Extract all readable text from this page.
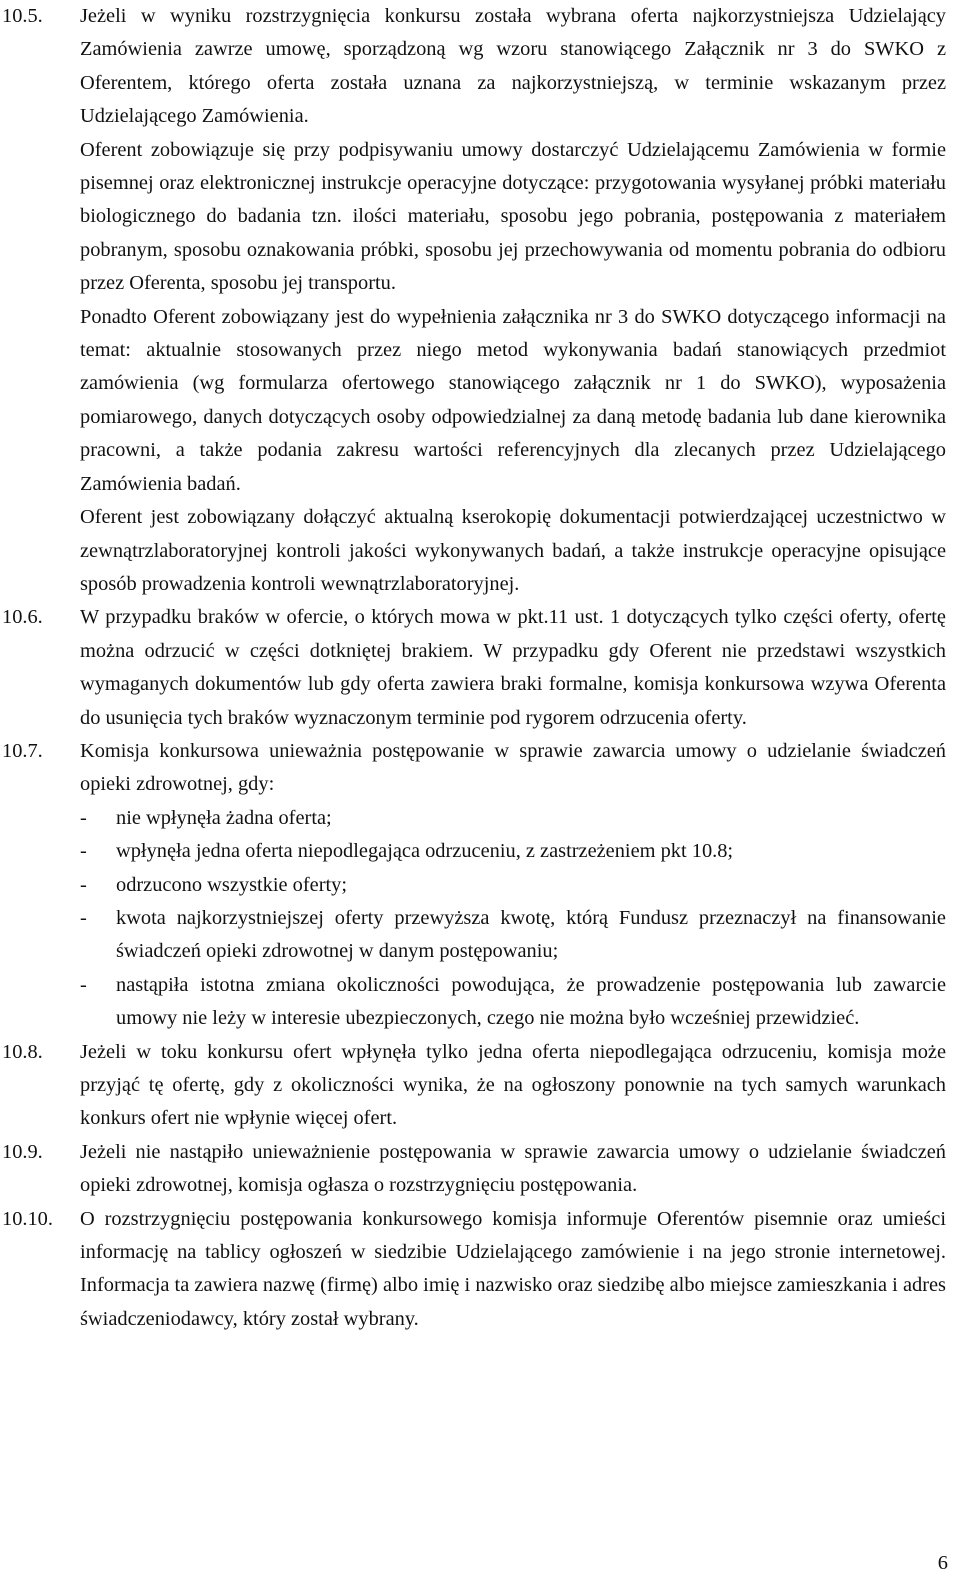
10.5.	Jeżeli w wyniku rozstrzygnięcia konkursu została wybrana oferta najkorzystniejsza Udzielający Zamówienia zawrze umowę, sporządzoną wg wzoru stanowiącego Załącznik nr 3 do SWKO z Oferentem, którego oferta została uznana za najkorzystniejszą, w terminie wskazanym przez Udzielającego Zamówienia.

Oferent zobowiązuje się przy podpisywaniu umowy dostarczyć Udzielającemu Zamówienia w formie pisemnej oraz elektronicznej instrukcje operacyjne dotyczące: przygotowania wysyłanej próbki materiału biologicznego do badania tzn. ilości materiału, sposobu jego pobrania, postępowania z materiałem pobranym, sposobu oznakowania próbki, sposobu jej przechowywania od momentu pobrania do odbioru przez Oferenta, sposobu jej transportu.

Ponadto Oferent zobowiązany jest do wypełnienia załącznika nr 3 do SWKO dotyczącego informacji na temat: aktualnie stosowanych przez niego metod wykonywania badań stanowiących przedmiot zamówienia (wg formularza ofertowego stanowiącego załącznik nr 1 do SWKO), wyposażenia pomiarowego, danych dotyczących osoby odpowiedzialnej za daną metodę badania lub dane kierownika pracowni, a także podania zakresu wartości referencyjnych dla zlecanych przez Udzielającego Zamówienia badań.

Oferent jest zobowiązany dołączyć aktualną kserokopię dokumentacji potwierdzającej uczestnictwo w zewnątrzlaboratoryjnej kontroli jakości wykonywanych badań, a także instrukcje operacyjne opisujące sposób prowadzenia kontroli wewnątrzlaboratoryjnej.

10.6.	W przypadku braków w ofercie, o których mowa w pkt.11 ust. 1 dotyczących tylko części oferty, ofertę można odrzucić w części dotkniętej brakiem. W przypadku gdy Oferent nie przedstawi wszystkich wymaganych dokumentów lub gdy oferta zawiera braki formalne, komisja konkursowa wzywa Oferenta do usunięcia tych braków wyznaczonym terminie pod rygorem odrzucenia oferty.

10.7.	Komisja konkursowa unieważnia postępowanie w sprawie zawarcia umowy o udzielanie świadczeń opieki zdrowotnej, gdy:

-	nie wpłynęła żadna oferta;
-	wpłynęła jedna oferta niepodlegająca odrzuceniu, z zastrzeżeniem pkt 10.8;
-	odrzucono wszystkie oferty;
-	kwota najkorzystniejszej oferty przewyższa kwotę, którą Fundusz przeznaczył na finansowanie świadczeń opieki zdrowotnej w danym postępowaniu;
-	nastąpiła istotna zmiana okoliczności powodująca, że prowadzenie postępowania lub zawarcie umowy nie leży w interesie ubezpieczonych, czego nie można było wcześniej przewidzieć.
10.8.	Jeżeli w toku konkursu ofert wpłynęła tylko jedna oferta niepodlegająca odrzuceniu, komisja może przyjąć tę ofertę, gdy z okoliczności wynika, że na ogłoszony ponownie na tych samych warunkach konkurs ofert nie wpłynie więcej ofert.

10.9.	Jeżeli nie nastąpiło unieważnienie postępowania w sprawie zawarcia umowy o udzielanie świadczeń opieki zdrowotnej, komisja ogłasza o rozstrzygnięciu postępowania.

10.10.	O rozstrzygnięciu postępowania konkursowego komisja informuje Oferentów pisemnie oraz umieści informację na tablicy ogłoszeń w siedzibie Udzielającego zamówienie i na jego stronie internetowej. Informacja ta zawiera nazwę (firmę) albo imię i nazwisko oraz siedzibę albo miejsce zamieszkania i adres świadczeniodawcy, który został wybrany.

6
